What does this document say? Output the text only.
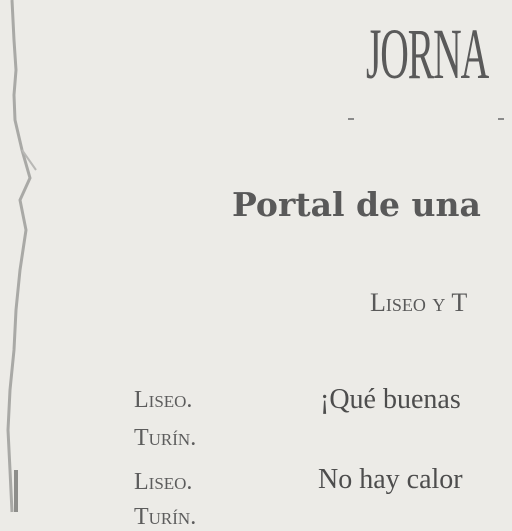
JORNA
Portal de una
Liseo y T
Liseo.	¡Qué buenas
Turín.
Liseo.	No hay calor
Turín.
